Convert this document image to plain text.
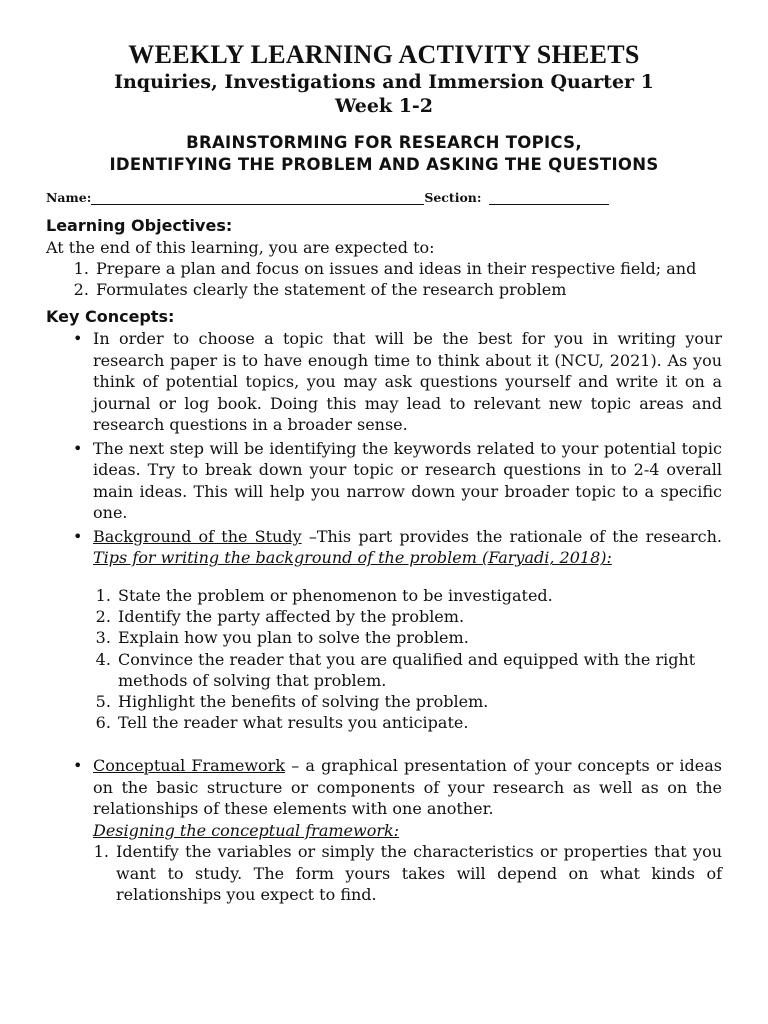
WEEKLY LEARNING ACTIVITY SHEETS
Inquiries, Investigations and Immersion Quarter 1
Week 1-2
BRAINSTORMING FOR RESEARCH TOPICS,
IDENTIFYING THE PROBLEM AND ASKING THE QUESTIONS
Name:	Section:
Learning Objectives:

At the end of this learning, you are expected to:

1. Prepare a plan and focus on issues and ideas in their respective field; and
2. Formulates clearly the statement of the research problem
Key Concepts:
• In order to choose a topic that will be the best for you in writing your research paper is to have enough time to think about it (NCU, 2021). As you think of potential topics, you may ask questions yourself and write it on a journal or log book. Doing this may lead to relevant new topic areas and research questions in a broader sense.
• The next step will be identifying the keywords related to your potential topic ideas. Try to break down your topic or research questions in to 2-4 overall main ideas. This will help you narrow down your broader topic to a specific one.
• Background of the Study –This part provides the rationale of the research. Tips for writing the background of the problem (Faryadi, 2018):
1. State the problem or phenomenon to be investigated.
2. Identify the party affected by the problem.
3. Explain how you plan to solve the problem.
4. Convince the reader that you are qualified and equipped with the right methods of solving that problem.
5. Highlight the benefits of solving the problem.
6. Tell the reader what results you anticipate.
• Conceptual Framework – a graphical presentation of your concepts or ideas on the basic structure or components of your research as well as on the relationships of these elements with one another.
Designing the conceptual framework:
1. Identify the variables or simply the characteristics or properties that you want to study. The form yours takes will depend on what kinds of relationships you expect to find.
